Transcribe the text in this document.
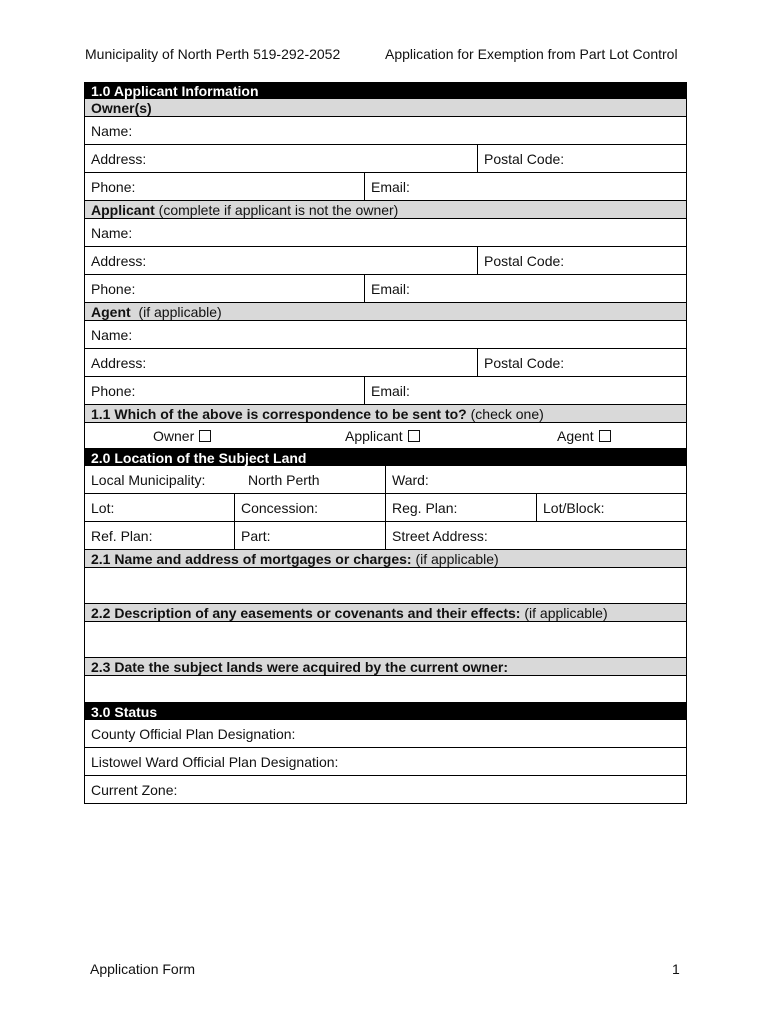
Municipality of North Perth 519-292-2052	Application for Exemption from Part Lot Control
1.0 Applicant Information
Owner(s)
Name:
Address:	Postal Code:
Phone:	Email:
Applicant (complete if applicant is not the owner)
Name:
Address:	Postal Code:
Phone:	Email:
Agent (if applicable)
Name:
Address:	Postal Code:
Phone:	Email:
1.1 Which of the above is correspondence to be sent to? (check one)
Owner	Applicant	Agent
2.0 Location of the Subject Land
Local Municipality:	North Perth	Ward:
Lot:	Concession:	Reg. Plan:	Lot/Block:
Ref. Plan:	Part:	Street Address:
2.1 Name and address of mortgages or charges: (if applicable)
2.2 Description of any easements or covenants and their effects: (if applicable)
2.3 Date the subject lands were acquired by the current owner:
3.0 Status
County Official Plan Designation:
Listowel Ward Official Plan Designation:
Current Zone:
Application Form	1
